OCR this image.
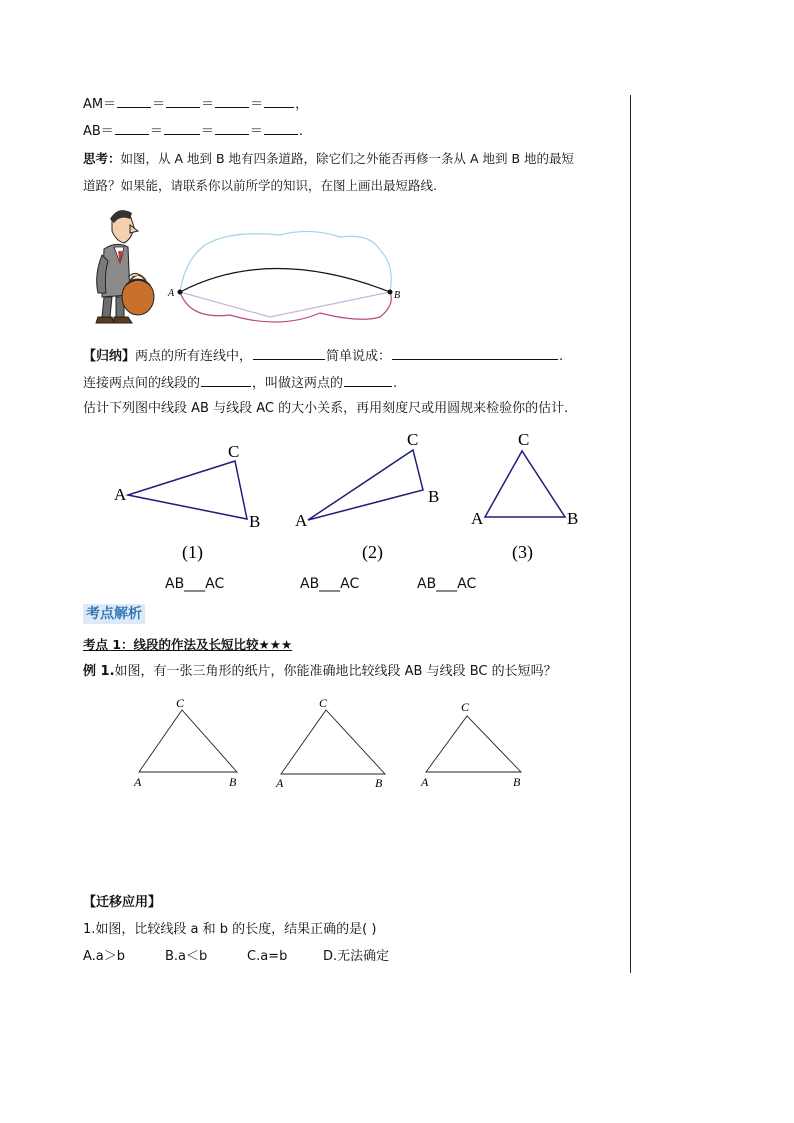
AM＝	＝	＝	＝ ，
AB＝	＝	＝	＝	.
思考：如图，从 A 地到 B 地有四条道路，除它们之外能否再修一条从 A 地到 B 地的最短
道路？如果能，请联系你以前所学的知识，在图上画出最短路线.
A	B
【归纳】两点的所有连线中，	简单说成：	.
连接两点间的线段的	，叫做这两点的	.
估计下列图中线段 AB 与线段 AC 的大小关系，再用刻度尺或用圆规来检验你的估计.
A
C
B
(1)
A
C
B
(2)
A
C
B
(3)
AB___AC	AB___AC	AB___AC
考点解析
考点 1：线段的作法及长短比较★★★
例 1.如图，有一张三角形的纸片，你能准确地比较线段 AB 与线段 BC 的长短吗？
A
C
B	A
C
B	A
C
B
【迁移应用】
1.如图，比较线段 a 和 b 的长度，结果正确的是( )
A.a＞b	B.a＜b	C.a=b	D.无法确定
